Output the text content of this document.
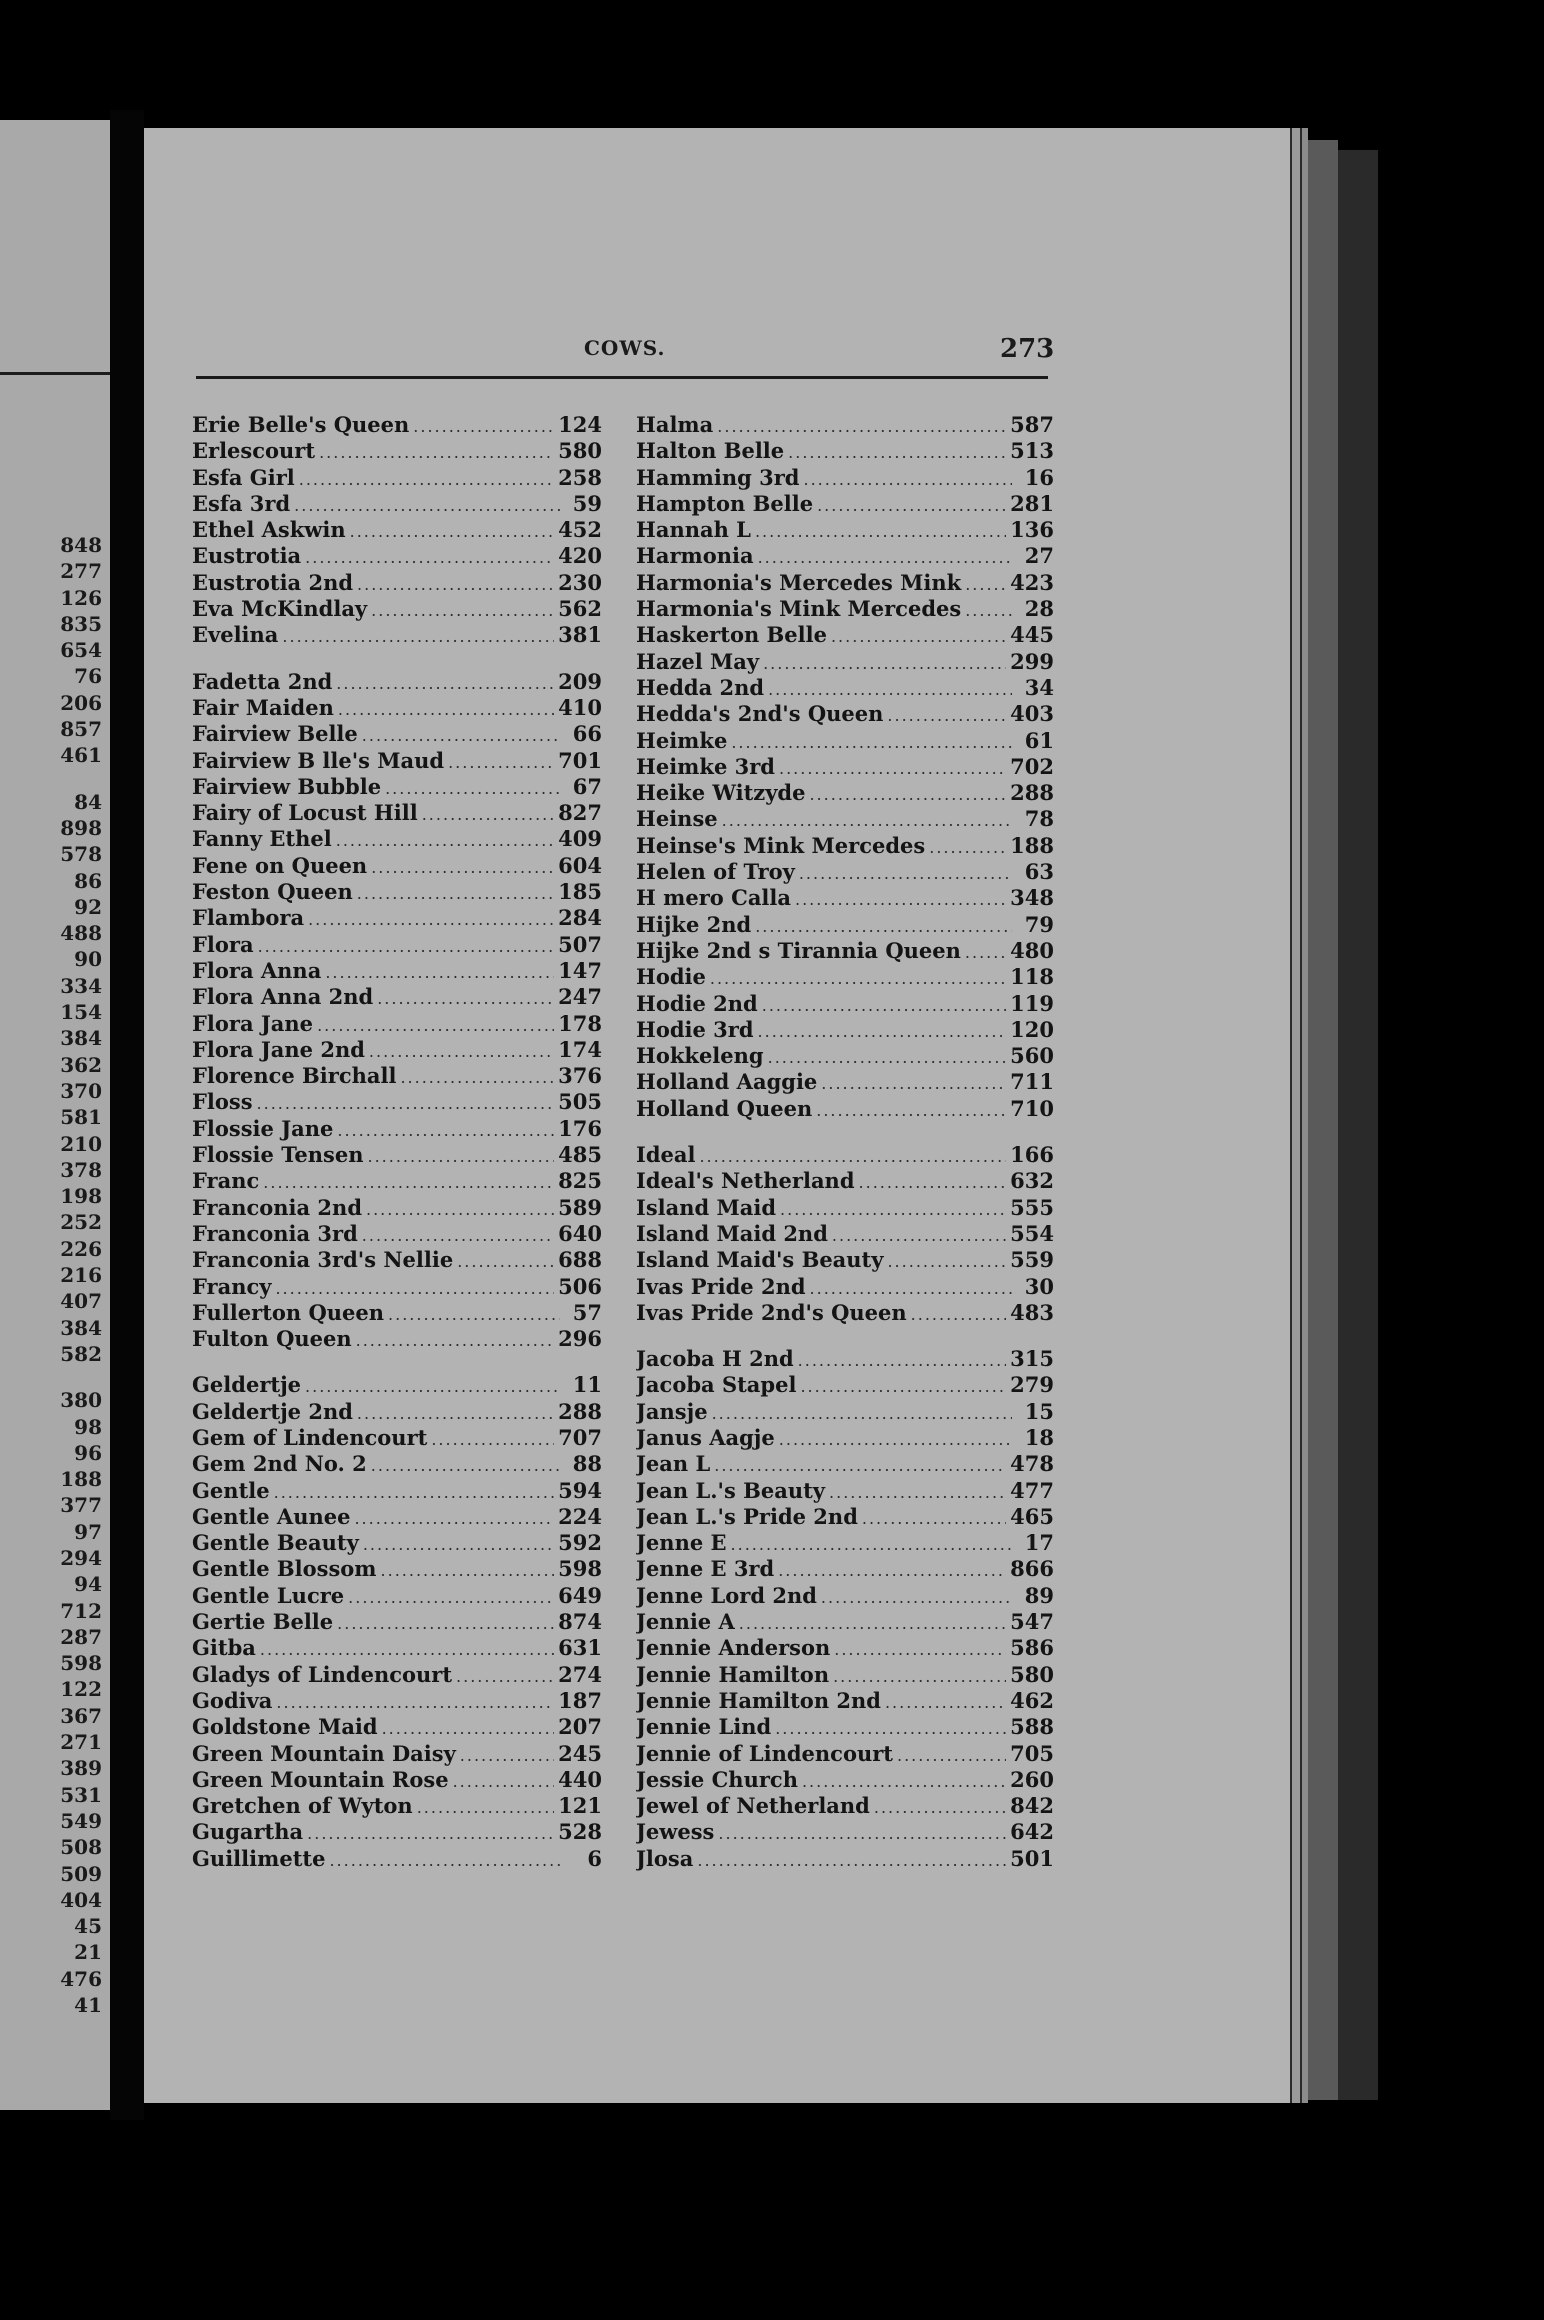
848
277
126
835
654
76
206
857
461
84
898
578
86
92
488
90
334
154
384
362
370
581
210
378
198
252
226
216
407
384
582
380
98
96
188
377
97
294
94
712
287
598
122
367
271
389
531
549
508
509
404
45
21
476
41
COWS.	273
Erie Belle's Queen .....	124
Erlescourt .....	580
Esfa Girl .....	258
Esfa 3rd .....	59
Ethel Askwin .....	452
Eustrotia .....	420
Eustrotia 2nd .....	230
Eva McKindlay .....	562
Evelina .....	381
Fadetta 2nd .....	209
Fair Maiden .....	410
Fairview Belle .....	66
Fairview B lle's Maud .....	701
Fairview Bubble .....	67
Fairy of Locust Hill .....	827
Fanny Ethel .....	409
Fene on Queen .....	604
Feston Queen .....	185
Flambora .....	284
Flora .....	507
Flora Anna .....	147
Flora Anna 2nd .....	247
Flora Jane .....	178
Flora Jane 2nd .....	174
Florence Birchall .....	376
Floss .....	505
Flossie Jane .....	176
Flossie Tensen .....	485
Franc .....	825
Franconia 2nd .....	589
Franconia 3rd .....	640
Franconia 3rd's Nellie .....	688
Francy .....	506
Fullerton Queen .....	57
Fulton Queen .....	296
Geldertje .....	11
Geldertje 2nd .....	288
Gem of Lindencourt .....	707
Gem 2nd No. 2 .....	88
Gentle .....	594
Gentle Aunee .....	224
Gentle Beauty .....	592
Gentle Blossom .....	598
Gentle Lucre .....	649
Gertie Belle .....	874
Gitba .....	631
Gladys of Lindencourt .....	274
Godiva .....	187
Goldstone Maid .....	207
Green Mountain Daisy .....	245
Green Mountain Rose .....	440
Gretchen of Wyton .....	121
Gugartha .....	528
Guillimette .....	6
Halma .....	587
Halton Belle .....	513
Hamming 3rd .....	16
Hampton Belle .....	281
Hannah L .....	136
Harmonia .....	27
Harmonia's Mercedes Mink ..... 423
Harmonia's Mink Mercedes .....	28
Haskerton Belle .....	445
Hazel May .....	299
Hedda 2nd .....	34
Hedda's 2nd's Queen .....	403
Heimke .....	61
Heimke 3rd .....	702
Heike Witzyde .....	288
Heinse .....	78
Heinse's Mink Mercedes .....	188
Helen of Troy .....	63
H mero Calla .....	348
Hijke 2nd .....	79
Hijke 2nd s Tirannia Queen ..... 480
Hodie .....	118
Hodie 2nd .....	119
Hodie 3rd .....	120
Hokkeleng .....	560
Holland Aaggie .....	711
Holland Queen .....	710
Ideal .....	166
Ideal's Netherland .....	632
Island Maid .....	555
Island Maid 2nd .....	554
Island Maid's Beauty .....	559
Ivas Pride 2nd .....	30
Ivas Pride 2nd's Queen .....	483
Jacoba H 2nd .....	315
Jacoba Stapel .....	279
Jansje .....	15
Janus Aagje .....	18
Jean L .....	478
Jean L.'s Beauty .....	477
Jean L.'s Pride 2nd .....	465
Jenne E .....	17
Jenne E 3rd .....	866
Jenne Lord 2nd .....	89
Jennie A .....	547
Jennie Anderson .....	586
Jennie Hamilton .....	580
Jennie Hamilton 2nd .....	462
Jennie Lind .....	588
Jennie of Lindencourt .....	705
Jessie Church .....	260
Jewel of Netherland .....	842
Jewess .....	642
Jlosa .....	501
